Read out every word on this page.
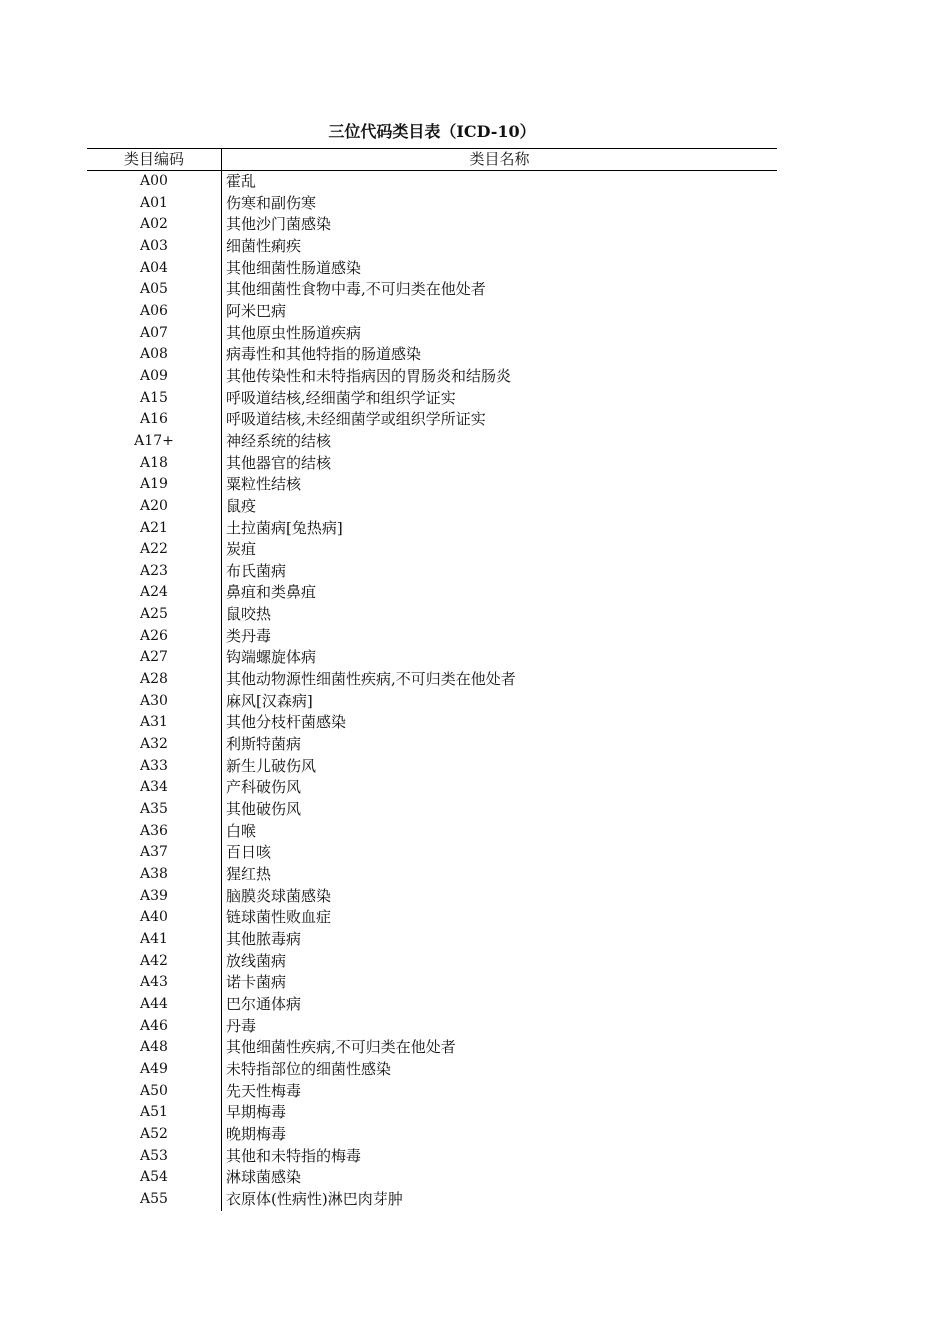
三位代码类目表（ICD-10）
类目编码	类目名称
A00	霍乱
A01	伤寒和副伤寒
A02	其他沙门菌感染
A03	细菌性痢疾
A04	其他细菌性肠道感染
A05	其他细菌性食物中毒,不可归类在他处者
A06	阿米巴病
A07	其他原虫性肠道疾病
A08	病毒性和其他特指的肠道感染
A09	其他传染性和未特指病因的胃肠炎和结肠炎
A15	呼吸道结核,经细菌学和组织学证实
A16	呼吸道结核,未经细菌学或组织学所证实
A17+	神经系统的结核
A18	其他器官的结核
A19	粟粒性结核
A20	鼠疫
A21	土拉菌病[兔热病]
A22	炭疽
A23	布氏菌病
A24	鼻疽和类鼻疽
A25	鼠咬热
A26	类丹毒
A27	钩端螺旋体病
A28	其他动物源性细菌性疾病,不可归类在他处者
A30	麻风[汉森病]
A31	其他分枝杆菌感染
A32	利斯特菌病
A33	新生儿破伤风
A34	产科破伤风
A35	其他破伤风
A36	白喉
A37	百日咳
A38	猩红热
A39	脑膜炎球菌感染
A40	链球菌性败血症
A41	其他脓毒病
A42	放线菌病
A43	诺卡菌病
A44	巴尔通体病
A46	丹毒
A48	其他细菌性疾病,不可归类在他处者
A49	未特指部位的细菌性感染
A50	先天性梅毒
A51	早期梅毒
A52	晚期梅毒
A53	其他和未特指的梅毒
A54	淋球菌感染
A55	衣原体(性病性)淋巴肉芽肿
